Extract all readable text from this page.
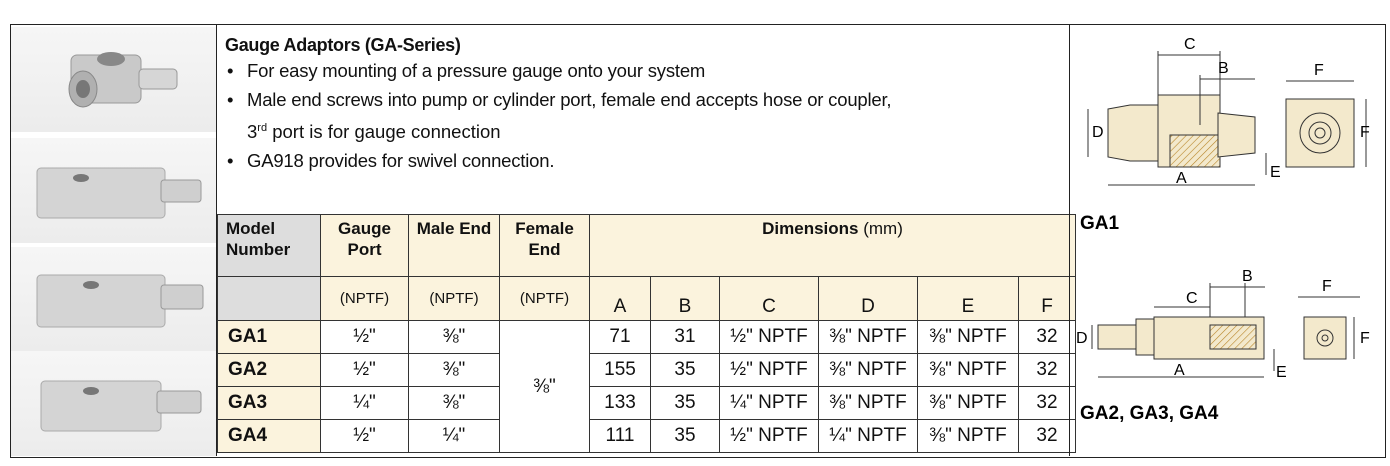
Gauge Adaptors (GA-Series)
• For easy mounting of a pressure gauge onto your system
• Male end screws into pump or cylinder port, female end accepts hose or coupler,
3rd port is for gauge connection
• GA918 provides for swivel connection.
Model Number	Gauge Port	Male End	Female End	Dimensions (mm)					
	(NPTF)	(NPTF)	(NPTF)	A	B	C	D	E	F
GA1	½"	⅜"	⅜"	71	31	½" NPTF	⅜" NPTF	⅜" NPTF	32
GA2	½"	⅜"		155	35	½" NPTF	⅜" NPTF	⅜" NPTF	32
GA3	¼"	⅜"		133	35	¼" NPTF	⅜" NPTF	⅜" NPTF	32
GA4	½"	¼"		111	35	½" NPTF	¼" NPTF	⅜" NPTF	32
C
B
A
D
E
F
F
GA1
B
C
A
D
E
F
F
GA2, GA3, GA4
